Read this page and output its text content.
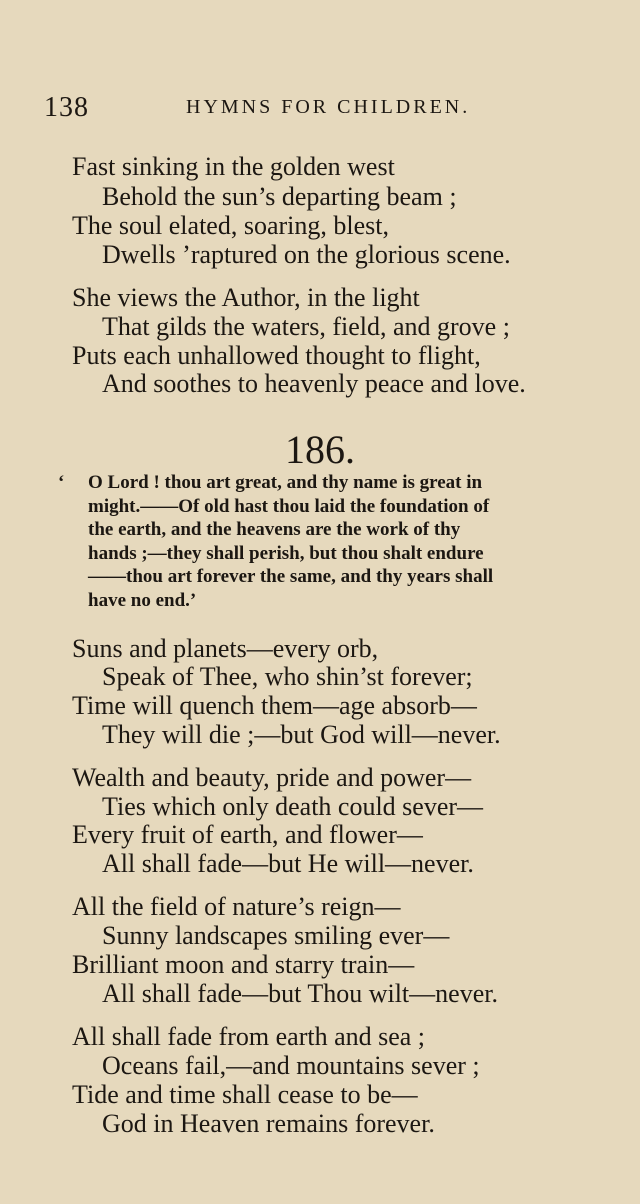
138	HYMNS FOR CHILDREN.
Fast sinking in the golden west
Behold the sun’s departing beam ;
The soul elated, soaring, blest,
Dwells ’raptured on the glorious scene.
She views the Author, in the light
That gilds the waters, field, and grove ;
Puts each unhallowed thought to flight,
And soothes to heavenly peace and love.
186.
‘ O Lord ! thou art great, and thy name is great in
might.——Of old hast thou laid the foundation of
the earth, and the heavens are the work of thy
hands ;—they shall perish, but thou shalt endure
——thou art forever the same, and thy years shall
have no end.’
Suns and planets—every orb,
Speak of Thee, who shin’st forever;
Time will quench them—age absorb—
They will die ;—but God will—never.
Wealth and beauty, pride and power—
Ties which only death could sever—
Every fruit of earth, and flower—
All shall fade—but He will—never.
All the field of nature’s reign—
Sunny landscapes smiling ever—
Brilliant moon and starry train—
All shall fade—but Thou wilt—never.
All shall fade from earth and sea ;
Oceans fail,—and mountains sever ;
Tide and time shall cease to be—
God in Heaven remains forever.
